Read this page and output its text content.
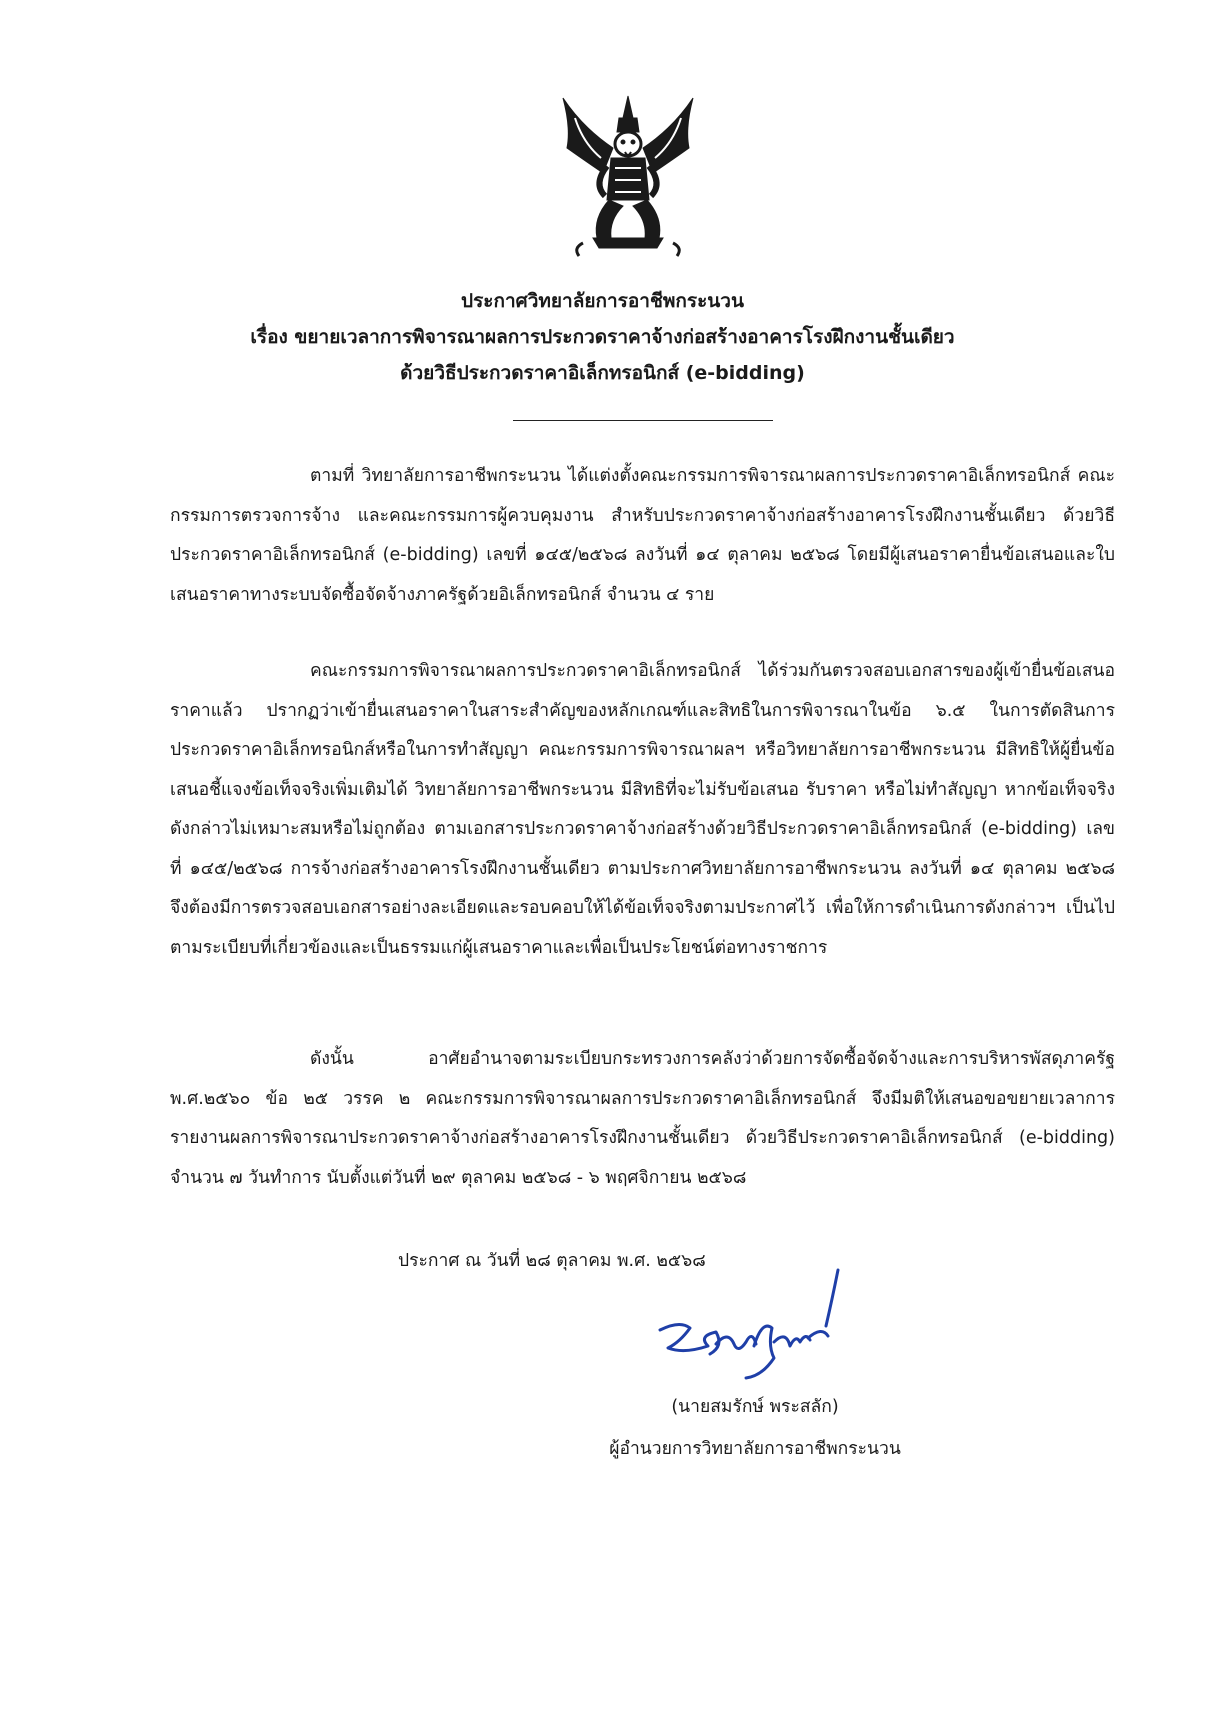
ประกาศวิทยาลัยการอาชีพกระนวน
เรื่อง ขยายเวลาการพิจารณาผลการประกวดราคาจ้างก่อสร้างอาคารโรงฝึกงานชั้นเดียว
ด้วยวิธีประกวดราคาอิเล็กทรอนิกส์ (e-bidding)
ตามที่ วิทยาลัยการอาชีพกระนวน ได้แต่งตั้งคณะกรรมการพิจารณาผลการประกวดราคาอิเล็กทรอนิกส์ คณะกรรมการตรวจการจ้าง และคณะกรรมการผู้ควบคุมงาน สำหรับประกวดราคาจ้างก่อสร้างอาคารโรงฝึกงานชั้นเดียว ด้วยวิธีประกวดราคาอิเล็กทรอนิกส์ (e-bidding) เลขที่ ๑๔๕/๒๕๖๘ ลงวันที่ ๑๔ ตุลาคม ๒๕๖๘ โดยมีผู้เสนอราคายื่นข้อเสนอและใบเสนอราคาทางระบบจัดซื้อจัดจ้างภาครัฐด้วยอิเล็กทรอนิกส์ จำนวน ๔ ราย
คณะกรรมการพิจารณาผลการประกวดราคาอิเล็กทรอนิกส์ ได้ร่วมกันตรวจสอบเอกสารของผู้เข้ายื่นข้อเสนอราคาแล้ว ปรากฏว่าเข้ายื่นเสนอราคาในสาระสำคัญของหลักเกณฑ์และสิทธิในการพิจารณาในข้อ ๖.๕ ในการตัดสินการประกวดราคาอิเล็กทรอนิกส์หรือในการทำสัญญา คณะกรรมการพิจารณาผลฯ หรือวิทยาลัยการอาชีพกระนวน มีสิทธิให้ผู้ยื่นข้อเสนอชี้แจงข้อเท็จจริงเพิ่มเติมได้ วิทยาลัยการอาชีพกระนวน มีสิทธิที่จะไม่รับข้อเสนอ รับราคา หรือไม่ทำสัญญา หากข้อเท็จจริงดังกล่าวไม่เหมาะสมหรือไม่ถูกต้อง ตามเอกสารประกวดราคาจ้างก่อสร้างด้วยวิธีประกวดราคาอิเล็กทรอนิกส์ (e-bidding) เลขที่ ๑๔๕/๒๕๖๘ การจ้างก่อสร้างอาคารโรงฝึกงานชั้นเดียว ตามประกาศวิทยาลัยการอาชีพกระนวน ลงวันที่ ๑๔ ตุลาคม ๒๕๖๘ จึงต้องมีการตรวจสอบเอกสารอย่างละเอียดและรอบคอบให้ได้ข้อเท็จจริงตามประกาศไว้ เพื่อให้การดำเนินการดังกล่าวฯ เป็นไปตามระเบียบที่เกี่ยวข้องและเป็นธรรมแก่ผู้เสนอราคาและเพื่อเป็นประโยชน์ต่อทางราชการ
ดังนั้น อาศัยอำนาจตามระเบียบกระทรวงการคลังว่าด้วยการจัดซื้อจัดจ้างและการบริหารพัสดุภาครัฐ พ.ศ.๒๕๖๐ ข้อ ๒๕ วรรค ๒ คณะกรรมการพิจารณาผลการประกวดราคาอิเล็กทรอนิกส์ จึงมีมติให้เสนอขอขยายเวลาการรายงานผลการพิจารณาประกวดราคาจ้างก่อสร้างอาคารโรงฝึกงานชั้นเดียว ด้วยวิธีประกวดราคาอิเล็กทรอนิกส์ (e-bidding) จำนวน ๗ วันทำการ นับตั้งแต่วันที่ ๒๙ ตุลาคม ๒๕๖๘ - ๖ พฤศจิกายน ๒๕๖๘
ประกาศ ณ วันที่ ๒๘ ตุลาคม พ.ศ. ๒๕๖๘
(นายสมรักษ์ พระสลัก)
ผู้อำนวยการวิทยาลัยการอาชีพกระนวน
